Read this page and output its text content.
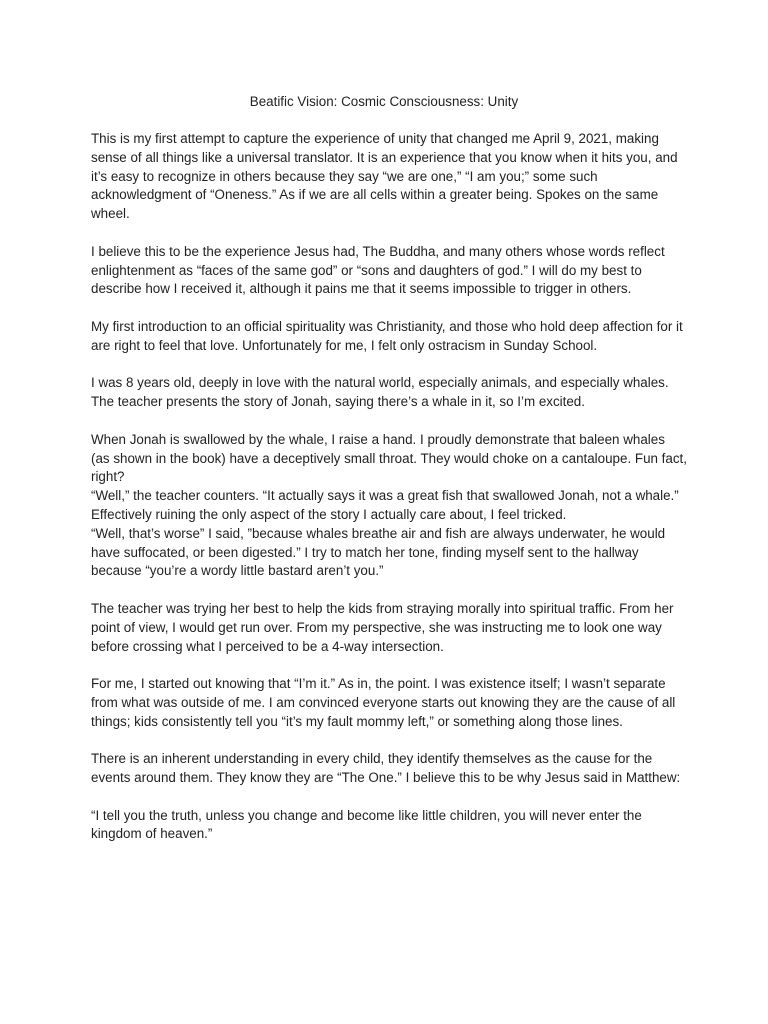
Beatific Vision: Cosmic Consciousness: Unity

This is my first attempt to capture the experience of unity that changed me April 9, 2021, making sense of all things like a universal translator. It is an experience that you know when it hits you, and it’s easy to recognize in others because they say “we are one,” “I am you;” some such acknowledgment of “Oneness.” As if we are all cells within a greater being. Spokes on the same wheel.

I believe this to be the experience Jesus had, The Buddha, and many others whose words reflect enlightenment as “faces of the same god” or “sons and daughters of god.” I will do my best to describe how I received it, although it pains me that it seems impossible to trigger in others.

My first introduction to an official spirituality was Christianity, and those who hold deep affection for it are right to feel that love. Unfortunately for me, I felt only ostracism in Sunday School.

I was 8 years old, deeply in love with the natural world, especially animals, and especially whales. The teacher presents the story of Jonah, saying there’s a whale in it, so I’m excited.

When Jonah is swallowed by the whale, I raise a hand. I proudly demonstrate that baleen whales (as shown in the book) have a deceptively small throat. They would choke on a cantaloupe. Fun fact, right?

“Well,” the teacher counters. “It actually says it was a great fish that swallowed Jonah, not a whale.” Effectively ruining the only aspect of the story I actually care about, I feel tricked.

“Well, that’s worse” I said, ”because whales breathe air and fish are always underwater, he would have suffocated, or been digested.” I try to match her tone, finding myself sent to the hallway because “you’re a wordy little bastard aren’t you.”

The teacher was trying her best to help the kids from straying morally into spiritual traffic. From her point of view, I would get run over. From my perspective, she was instructing me to look one way before crossing what I perceived to be a 4-way intersection.

For me, I started out knowing that “I’m it.” As in, the point. I was existence itself; I wasn’t separate from what was outside of me. I am convinced everyone starts out knowing they are the cause of all things; kids consistently tell you “it’s my fault mommy left,” or something along those lines.

There is an inherent understanding in every child, they identify themselves as the cause for the events around them. They know they are “The One.” I believe this to be why Jesus said in Matthew:

“I tell you the truth, unless you change and become like little children, you will never enter the kingdom of heaven.”
